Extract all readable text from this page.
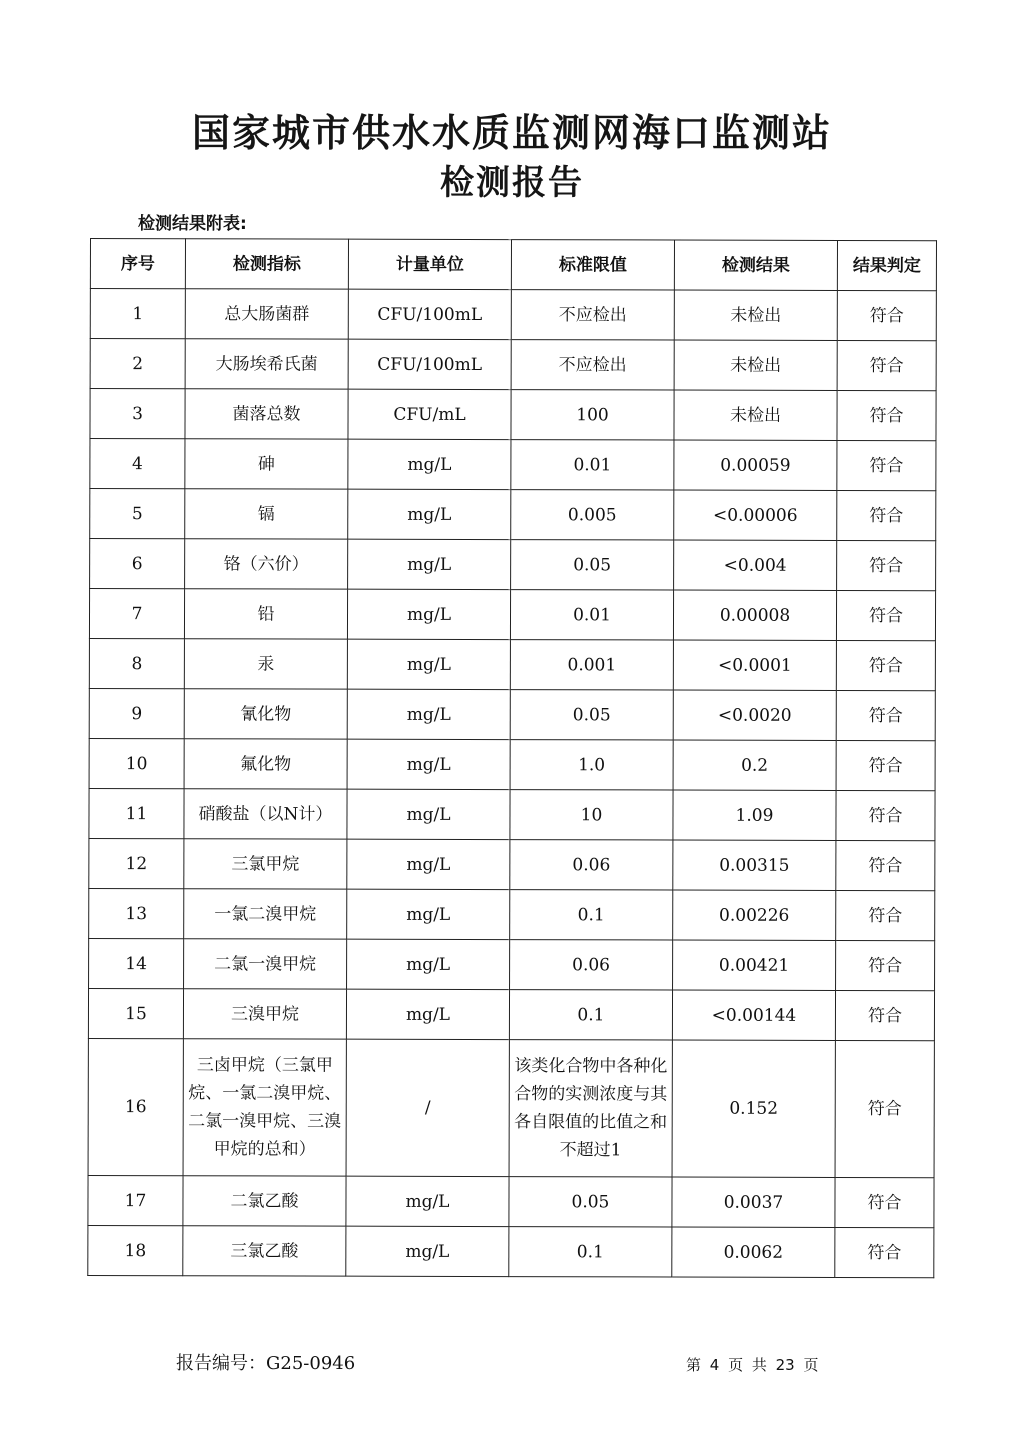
国家城市供水水质监测网海口监测站
检测报告
检测结果附表:
序号	检测指标	计量单位	标准限值	检测结果	结果判定
1	总大肠菌群	CFU/100mL	不应检出	未检出	符合
2	大肠埃希氏菌	CFU/100mL	不应检出	未检出	符合
3	菌落总数	CFU/mL	100	未检出	符合
4	砷	mg/L	0.01	0.00059	符合
5	镉	mg/L	0.005	<0.00006	符合
6	铬（六价）	mg/L	0.05	<0.004	符合
7	铅	mg/L	0.01	0.00008	符合
8	汞	mg/L	0.001	<0.0001	符合
9	氰化物	mg/L	0.05	<0.0020	符合
10	氟化物	mg/L	1.0	0.2	符合
11	硝酸盐（以N计）	mg/L	10	1.09	符合
12	三氯甲烷	mg/L	0.06	0.00315	符合
13	一氯二溴甲烷	mg/L	0.1	0.00226	符合
14	二氯一溴甲烷	mg/L	0.06	0.00421	符合
15	三溴甲烷	mg/L	0.1	<0.00144	符合
16	三卤甲烷（三氯甲烷、一氯二溴甲烷、二氯一溴甲烷、三溴甲烷的总和）	/	该类化合物中各种化合物的实测浓度与其各自限值的比值之和不超过1	0.152	符合
17	二氯乙酸	mg/L	0.05	0.0037	符合
18	三氯乙酸	mg/L	0.1	0.0062	符合
报告编号：G25-0946	第 4 页 共 23 页
